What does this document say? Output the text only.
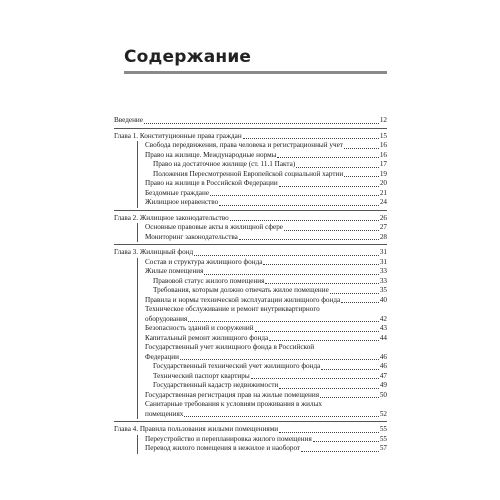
Содержание
Введение	12
Глава 1. Конституционные права граждан	15
Свобода передвижения, права человека и регистрационный учет	16
Право на жилище. Международные нормы	16
Право на достаточное жилище (ст. 11.1 Пакта)	17
Положения Пересмотренной Европейской социальной хартии	19
Право на жилище в Российской Федерации	20
Бездомные граждане	21
Жилищное неравенство	24
Глава 2. Жилищное законодательство	26
Основные правовые акты в жилищной сфере	27
Мониторинг законодательства	28
Глава 3. Жилищный фонд	31
Состав и структура жилищного фонда	31
Жилые помещения	33
Правовой статус жилого помещения	33
Требования, которым должно отвечать жилое помещение	35
Правила и нормы технической эксплуатации жилищного фонда	40
Техническое обслуживание и ремонт внутриквартирного
оборудования	42
Безопасность зданий и сооружений	43
Капитальный ремонт жилищного фонда	44
Государственный учет жилищного фонда в Российской
Федерации	46
Государственный технический учет жилищного фонда	46
Технический паспорт квартиры	47
Государственный кадастр недвижимости	49
Государственная регистрация прав на жилые помещения	50
Санитарные требования к условиям проживания в жилых
помещениях	52
Глава 4. Правила пользования жилыми помещениями	55
Переустройство и перепланировка жилого помещения	55
Перевод жилого помещения в нежилое и наоборот	57
